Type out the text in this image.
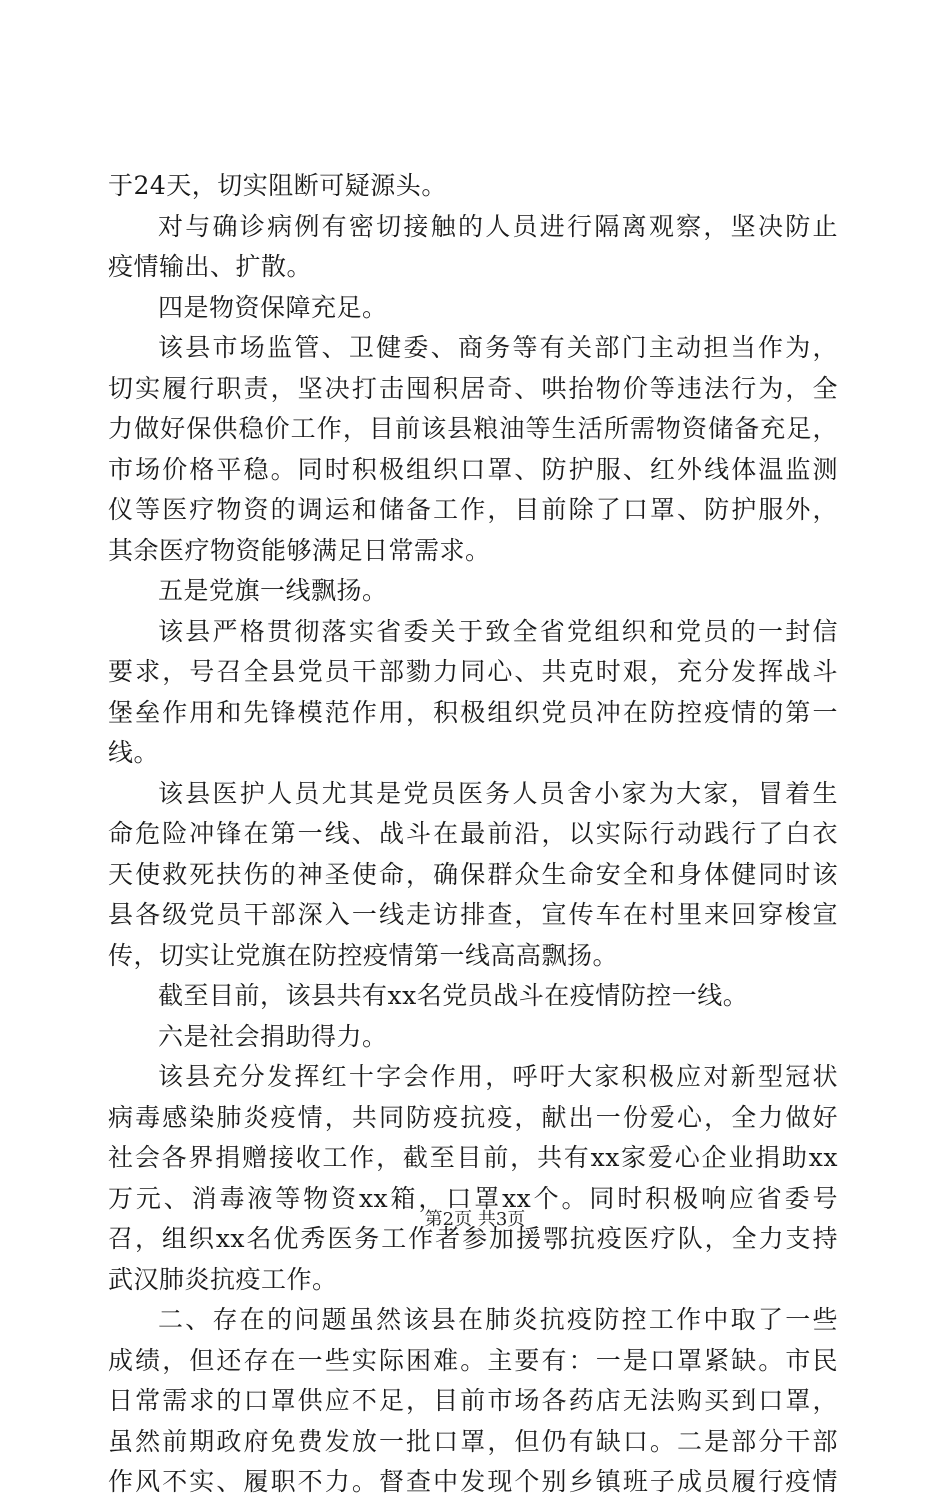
于24天，切实阻断可疑源头。
对与确诊病例有密切接触的人员进行隔离观察，坚决防止
疫情输出、扩散。
四是物资保障充足。
该县市场监管、卫健委、商务等有关部门主动担当作为，
切实履行职责，坚决打击囤积居奇、哄抬物价等违法行为，全
力做好保供稳价工作，目前该县粮油等生活所需物资储备充足，
市场价格平稳。同时积极组织口罩、防护服、红外线体温监测
仪等医疗物资的调运和储备工作，目前除了口罩、防护服外，
其余医疗物资能够满足日常需求。
五是党旗一线飘扬。
该县严格贯彻落实省委关于致全省党组织和党员的一封信
要求，号召全县党员干部勠力同心、共克时艰，充分发挥战斗
堡垒作用和先锋模范作用，积极组织党员冲在防控疫情的第一
线。
该县医护人员尤其是党员医务人员舍小家为大家，冒着生
命危险冲锋在第一线、战斗在最前沿，以实际行动践行了白衣
天使救死扶伤的神圣使命，确保群众生命安全和身体健同时该
县各级党员干部深入一线走访排查，宣传车在村里来回穿梭宣
传，切实让党旗在防控疫情第一线高高飘扬。
截至目前，该县共有xx名党员战斗在疫情防控一线。
六是社会捐助得力。
该县充分发挥红十字会作用，呼吁大家积极应对新型冠状
病毒感染肺炎疫情，共同防疫抗疫，献出一份爱心，全力做好
社会各界捐赠接收工作，截至目前，共有xx家爱心企业捐助xx
万元、消毒液等物资xx箱，口罩xx个。同时积极响应省委号
召，组织xx名优秀医务工作者参加援鄂抗疫医疗队，全力支持
武汉肺炎抗疫工作。
二、存在的问题虽然该县在肺炎抗疫防控工作中取了一些
成绩，但还存在一些实际困难。主要有：一是口罩紧缺。市民
日常需求的口罩供应不足，目前市场各药店无法购买到口罩，
虽然前期政府免费发放一批口罩，但仍有缺口。二是部分干部
作风不实、履职不力。督查中发现个别乡镇班子成员履行疫情
第2页 共3页
